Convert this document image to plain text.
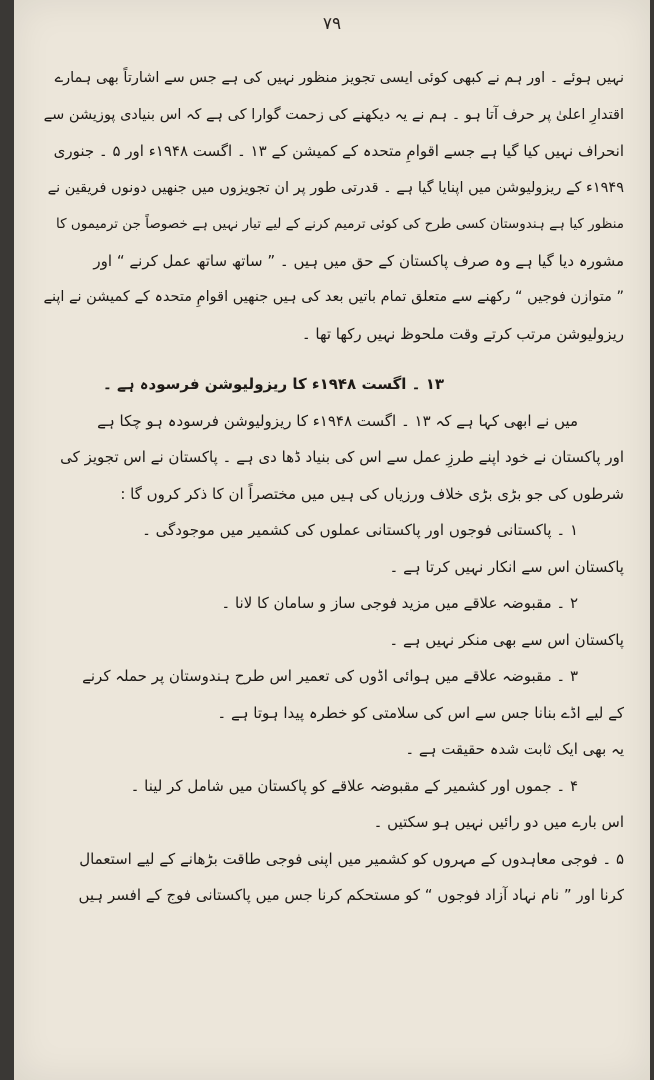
۷۹
نہیں ہوئے ۔ اور ہم نے کبھی کوئی ایسی تجویز منظور نہیں کی ہے جس سے اشارتاً بھی ہمارے
اقتدارِ اعلیٰ پر حرف آتا ہو ۔ ہم نے یہ دیکھنے کی زحمت گوارا کی ہے کہ اس بنیادی پوزیشن سے
انحراف نہیں کیا گیا ہے جسے اقوامِ متحدہ کے کمیشن کے ۱۳ ۔ اگست ۱۹۴۸ء اور ۵ ۔ جنوری
۱۹۴۹ء کے ریزولیوشن میں اپنایا گیا ہے ۔ قدرتی طور پر ان تجویزوں میں جنھیں دونوں فریقین نے
منظور کیا ہے ہندوستان کسی طرح کی کوئی ترمیم کرنے کے لیے تیار نہیں ہے خصوصاً جن ترمیموں کا
مشورہ دیا گیا ہے وہ صرف پاکستان کے حق میں ہیں ۔ ” ساتھ ساتھ عمل کرنے “ اور
” متوازن فوجیں “ رکھنے سے متعلق تمام باتیں بعد کی ہیں جنھیں اقوامِ متحدہ کے کمیشن نے اپنے
ریزولیوشن مرتب کرتے وقت ملحوظ نہیں رکھا تھا ۔
۱۳ ۔ اگست ۱۹۴۸ء کا ریزولیوشن فرسودہ ہے ۔
میں نے ابھی کہا ہے کہ ۱۳ ۔ اگست ۱۹۴۸ء کا ریزولیوشن فرسودہ ہو چکا ہے
اور پاکستان نے خود اپنے طرزِ عمل سے اس کی بنیاد ڈھا دی ہے ۔ پاکستان نے اس تجویز کی
شرطوں کی جو بڑی بڑی خلاف ورزیاں کی ہیں میں مختصراً ان کا ذکر کروں گا :
۱ ۔ پاکستانی فوجوں اور پاکستانی عملوں کی کشمیر میں موجودگی ۔
پاکستان اس سے انکار نہیں کرتا ہے ۔
۲ ۔ مقبوضہ علاقے میں مزید فوجی ساز و سامان کا لانا ۔
پاکستان اس سے بھی منکر نہیں ہے ۔
۳ ۔ مقبوضہ علاقے میں ہوائی اڈوں کی تعمیر اس طرح ہندوستان پر حملہ کرنے
کے لیے اڈے بنانا جس سے اس کی سلامتی کو خطرہ پیدا ہوتا ہے ۔
یہ بھی ایک ثابت شدہ حقیقت ہے ۔
۴ ۔ جموں اور کشمیر کے مقبوضہ علاقے کو پاکستان میں شامل کر لینا ۔
اس بارے میں دو رائیں نہیں ہو سکتیں ۔
۵ ۔ فوجی معاہدوں کے مہروں کو کشمیر میں اپنی فوجی طاقت بڑھانے کے لیے استعمال
کرنا اور ” نام نہاد آزاد فوجوں “ کو مستحکم کرنا جس میں پاکستانی فوج کے افسر ہیں
